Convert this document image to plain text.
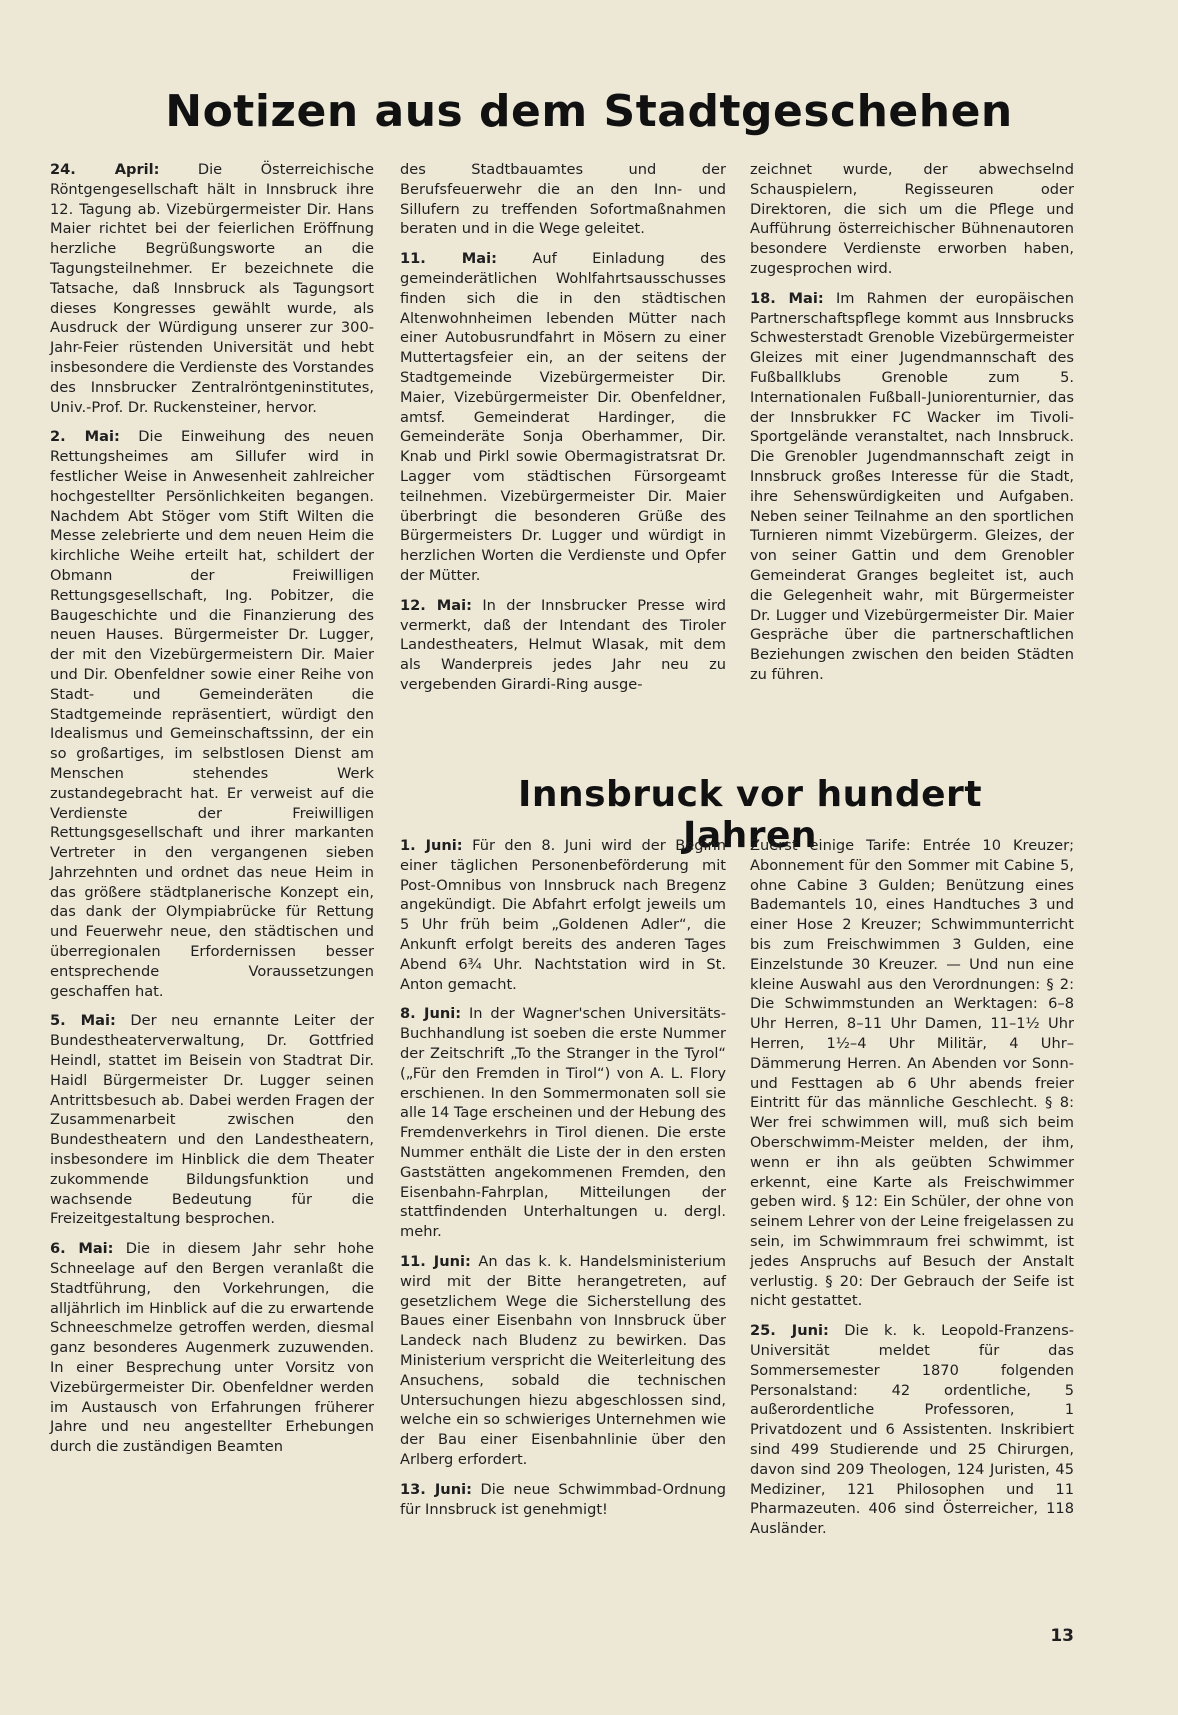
Notizen aus dem Stadtgeschehen

24. April:	Die Österreichische Röntgengesellschaft hält in Innsbruck ihre 12. Tagung ab. Vizebürgermeister Dir. Hans Maier richtet bei der feierlichen Eröffnung herzliche Begrüßungsworte an die Tagungsteilnehmer. Er bezeichnete die Tatsache, daß Innsbruck als Tagungsort dieses Kongresses gewählt wurde, als Ausdruck der Würdigung unserer zur 300-Jahr-Feier rüstenden Universität und hebt insbesondere die Verdienste des Vorstandes des Innsbrucker Zentralröntgeninstitutes, Univ.-Prof. Dr. Ruckensteiner, hervor.

2. Mai: Die Einweihung des neuen Rettungsheimes am Sillufer wird in festlicher Weise in Anwesenheit zahlreicher hochgestellter Persönlichkeiten begangen. Nachdem Abt Stöger vom Stift Wilten die Messe zelebrierte und dem neuen Heim die kirchliche Weihe erteilt hat, schildert der Obmann der Freiwilligen Rettungsgesellschaft, Ing. Pobitzer, die Baugeschichte und die Finanzierung des neuen Hauses. Bürgermeister Dr. Lugger, der mit den Vizebürgermeistern Dir. Maier und Dir. Obenfeldner sowie einer Reihe von Stadt- und Gemeinderäten die Stadtgemeinde repräsentiert, würdigt den Idealismus und Gemeinschaftssinn, der ein so großartiges, im selbstlosen Dienst am Menschen stehendes Werk zustandegebracht hat. Er verweist auf die Verdienste der Freiwilligen Rettungsgesellschaft und ihrer markanten Vertreter in den vergangenen sieben Jahrzehnten und ordnet das neue Heim in das größere städtplanerische Konzept ein, das dank der Olympiabrücke für Rettung und Feuerwehr neue, den städtischen und überregionalen Erfordernissen besser entsprechende Voraussetzungen geschaffen hat.

5. Mai: Der neu ernannte Leiter der Bundestheaterverwaltung, Dr. Gottfried Heindl, stattet im Beisein von Stadtrat Dir. Haidl Bürgermeister Dr. Lugger seinen Antrittsbesuch ab. Dabei werden Fragen der Zusammenarbeit zwischen den Bundestheatern und den Landestheatern, insbesondere im Hinblick die dem Theater zukommende Bildungsfunktion und wachsende Bedeutung für die Freizeitgestaltung besprochen.

6. Mai: Die in diesem Jahr sehr hohe Schneelage auf den Bergen veranlaßt die Stadtführung, den Vorkehrungen, die alljährlich im Hinblick auf die zu erwartende Schneeschmelze getroffen werden, diesmal ganz besonderes Augenmerk zuzuwenden. In einer Besprechung unter Vorsitz von Vizebürgermeister Dir. Obenfeldner werden im Austausch von Erfahrungen früherer Jahre und neu angestellter Erhebungen durch die zuständigen Beamten

des Stadtbauamtes und der Berufsfeuerwehr die an den Inn- und Sillufern zu treffenden Sofortmaßnahmen beraten und in die Wege geleitet.

11. Mai: Auf Einladung des gemeinderätlichen Wohlfahrtsausschusses finden sich die in den städtischen Altenwohnheimen lebenden Mütter nach einer Autobusrundfahrt in Mösern zu einer Muttertagsfeier ein, an der seitens der Stadtgemeinde Vizebürgermeister Dir. Maier, Vizebürgermeister Dir. Obenfeldner, amtsf. Gemeinderat Hardinger, die Gemeinderäte Sonja Oberhammer, Dir. Knab und Pirkl sowie Obermagistratsrat Dr. Lagger vom städtischen Fürsorgeamt teilnehmen. Vizebürgermeister Dir. Maier überbringt die besonderen Grüße des Bürgermeisters Dr. Lugger und würdigt in herzlichen Worten die Verdienste und Opfer der Mütter.

12. Mai: In der Innsbrucker Presse wird vermerkt, daß der Intendant des Tiroler Landestheaters, Helmut Wlasak, mit dem als Wanderpreis jedes Jahr neu zu vergebenden Girardi-Ring ausge-

zeichnet wurde, der abwechselnd Schauspielern, Regisseuren oder Direktoren, die sich um die Pflege und Aufführung österreichischer Bühnenautoren besondere Verdienste erworben haben, zugesprochen wird.

18. Mai: Im Rahmen der europäischen Partnerschaftspflege kommt aus Innsbrucks Schwesterstadt Grenoble Vizebürgermeister Gleizes mit einer Jugendmannschaft des Fußballklubs Grenoble zum 5. Internationalen Fußball-Juniorenturnier, das der Innsbrukker FC Wacker im Tivoli-Sportgelände veranstaltet, nach Innsbruck. Die Grenobler Jugendmannschaft zeigt in Innsbruck großes Interesse für die Stadt, ihre Sehenswürdigkeiten und Aufgaben. Neben seiner Teilnahme an den sportlichen Turnieren nimmt Vizebürgerm. Gleizes, der von seiner Gattin und dem Grenobler Gemeinderat Granges begleitet ist, auch die Gelegenheit wahr, mit Bürgermeister Dr. Lugger und Vizebürgermeister Dir. Maier Gespräche über die partnerschaftlichen Beziehungen zwischen den beiden Städten zu führen.

Innsbruck vor hundert Jahren

1. Juni: Für den 8. Juni wird der Beginn einer täglichen Personenbeförderung mit Post-Omnibus von Innsbruck nach Bregenz angekündigt. Die Abfahrt erfolgt jeweils um 5 Uhr früh beim „Goldenen Adler“, die Ankunft erfolgt bereits des anderen Tages Abend 6¾ Uhr. Nachtstation wird in St. Anton gemacht.

8. Juni: In der Wagner'schen Universitäts-Buchhandlung ist soeben die erste Nummer der Zeitschrift „To the Stranger in the Tyrol“ („Für den Fremden in Tirol“) von A. L. Flory erschienen. In den Sommermonaten soll sie alle 14 Tage erscheinen und der Hebung des Fremdenverkehrs in Tirol dienen. Die erste Nummer enthält die Liste der in den ersten Gaststätten angekommenen Fremden, den Eisenbahn-Fahrplan, Mitteilungen der stattfindenden Unterhaltungen u. dergl. mehr.

11. Juni: An das k. k. Handelsministerium wird mit der Bitte herangetreten, auf gesetzlichem Wege die Sicherstellung des Baues einer Eisenbahn von Innsbruck über Landeck nach Bludenz zu bewirken. Das Ministerium verspricht die Weiterleitung des Ansuchens, sobald die technischen Untersuchungen hiezu abgeschlossen sind, welche ein so schwieriges Unternehmen wie der Bau einer Eisenbahnlinie über den Arlberg erfordert.

13. Juni: Die neue Schwimmbad-Ordnung für Innsbruck ist genehmigt!

Zuerst einige Tarife: Entrée 10 Kreuzer; Abonnement für den Sommer mit Cabine 5, ohne Cabine 3 Gulden; Benützung eines Bademantels 10, eines Handtuches 3 und einer Hose 2 Kreuzer; Schwimmunterricht bis zum Freischwimmen 3 Gulden, eine Einzelstunde 30 Kreuzer. — Und nun eine kleine Auswahl aus den Verordnungen: § 2: Die Schwimmstunden an Werktagen: 6–8 Uhr Herren, 8–11 Uhr Damen, 11–1½ Uhr Herren, 1½–4 Uhr Militär, 4 Uhr–Dämmerung Herren. An Abenden vor Sonn- und Festtagen ab 6 Uhr abends freier Eintritt für das männliche Geschlecht. § 8: Wer frei schwimmen will, muß sich beim Oberschwimm-Meister melden, der ihm, wenn er ihn als geübten Schwimmer erkennt, eine Karte als Freischwimmer geben wird. § 12: Ein Schüler, der ohne von seinem Lehrer von der Leine freigelassen zu sein, im Schwimmraum frei schwimmt, ist jedes Anspruchs auf Besuch der Anstalt verlustig. § 20: Der Gebrauch der Seife ist nicht gestattet.

25. Juni: Die k. k. Leopold-Franzens-Universität meldet für das Sommersemester 1870 folgenden Personalstand: 42 ordentliche, 5 außerordentliche Professoren, 1 Privatdozent und 6 Assistenten. Inskribiert sind 499 Studierende und 25 Chirurgen, davon sind 209 Theologen, 124 Juristen, 45 Mediziner, 121 Philosophen und 11 Pharmazeuten. 406 sind Österreicher, 118 Ausländer.

13
